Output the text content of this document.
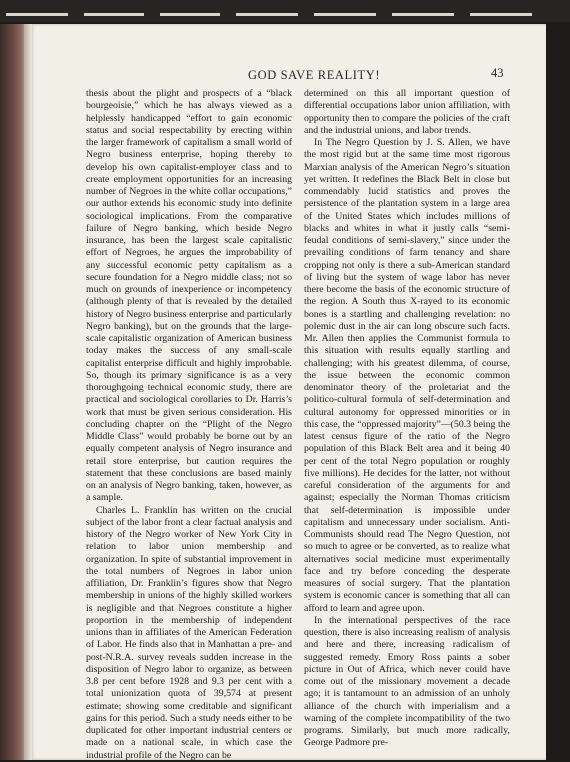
GOD SAVE REALITY!	43

thesis about the plight and prospects of a “black bourgeoisie,” which he has always viewed as a helplessly handicapped “effort to gain economic status and social respectability by erecting within the larger framework of capitalism a small world of Negro business enterprise, hoping thereby to develop his own capitalist-employer class and to create employment opportunities for an increasing number of Negroes in the white collar occupations,” our author extends his economic study into definite sociological implications. From the comparative failure of Negro banking, which beside Negro insurance, has been the largest scale capitalistic effort of Negroes, he argues the improbability of any successful economic petty capitalism as a secure foundation for a Negro middle class; not so much on grounds of inexperience or incompetency (although plenty of that is revealed by the detailed history of Negro business enterprise and particularly Negro banking), but on the grounds that the large-scale capitalistic organization of American business today makes the success of any small-scale capitalist enterprise difficult and highly improbable. So, though its primary significance is as a very thoroughgoing technical economic study, there are practical and sociological corollaries to Dr. Harris’s work that must be given serious consideration. His concluding chapter on the “Plight of the Negro Middle Class” would probably be borne out by an equally competent analysis of Negro insurance and retail store enterprise, but caution requires the statement that these conclusions are based mainly on an analysis of Negro banking, taken, however, as a sample.

Charles L. Franklin has written on the crucial subject of the labor front a clear factual analysis and history of the Negro worker of New York City in relation to labor union membership and organization. In spite of substantial improvement in the total numbers of Negroes in labor union affiliation, Dr. Franklin’s figures show that Negro membership in unions of the highly skilled workers is negligible and that Negroes constitute a higher proportion in the membership of independent unions than in affiliates of the American Federation of Labor. He finds also that in Manhattan a pre- and post-N.R.A. survey reveals sudden increase in the disposition of Negro labor to organize, as between 3.8 per cent before 1928 and 9.3 per cent with a total unionization quota of 39,574 at present estimate; showing some creditable and significant gains for this period. Such a study needs either to be duplicated for other important industrial centers or made on a national scale, in which case the industrial profile of the Negro can be

determined on this all important question of differential occupations labor union affiliation, with opportunity then to compare the policies of the craft and the industrial unions, and labor trends.

In The Negro Question by J. S. Allen, we have the most rigid but at the same time most rigorous Marxian analysis of the American Negro’s situation yet written. It redefines the Black Belt in close but commendably lucid statistics and proves the persistence of the plantation system in a large area of the United States which includes millions of blacks and whites in what it justly calls “semi-feudal conditions of semi-slavery,” since under the prevailing conditions of farm tenancy and share cropping not only is there a sub-American standard of living but the system of wage labor has never there become the basis of the economic structure of the region. A South thus X-rayed to its economic bones is a startling and challenging revelation: no polemic dust in the air can long obscure such facts. Mr. Allen then applies the Communist formula to this situation with results equally startling and challenging; with his greatest dilemma, of course, the issue between the economic common denominator theory of the proletariat and the politico-cultural formula of self-determination and cultural autonomy for oppressed minorities or in this case, the “oppressed majority”—(50.3 being the latest census figure of the ratio of the Negro population of this Black Belt area and it being 40 per cent of the total Negro population or roughly five millions). He decides for the latter, not without careful consideration of the arguments for and against; especially the Norman Thomas criticism that self-determination is impossible under capitalism and unnecessary under socialism. Anti-Communists should read The Negro Question, not so much to agree or be converted, as to realize what alternatives social medicine must experimentally face and try before conceding the desperate measures of social surgery. That the plantation system is economic cancer is something that all can afford to learn and agree upon.

In the international perspectives of the race question, there is also increasing realism of analysis and here and there, increasing radicalism of suggested remedy. Emory Ross paints a sober picture in Out of Africa, which never could have come out of the missionary movement a decade ago; it is tantamount to an admission of an unholy alliance of the church with imperialism and a warning of the complete incompatibility of the two programs. Similarly, but much more radically, George Padmore pre-
